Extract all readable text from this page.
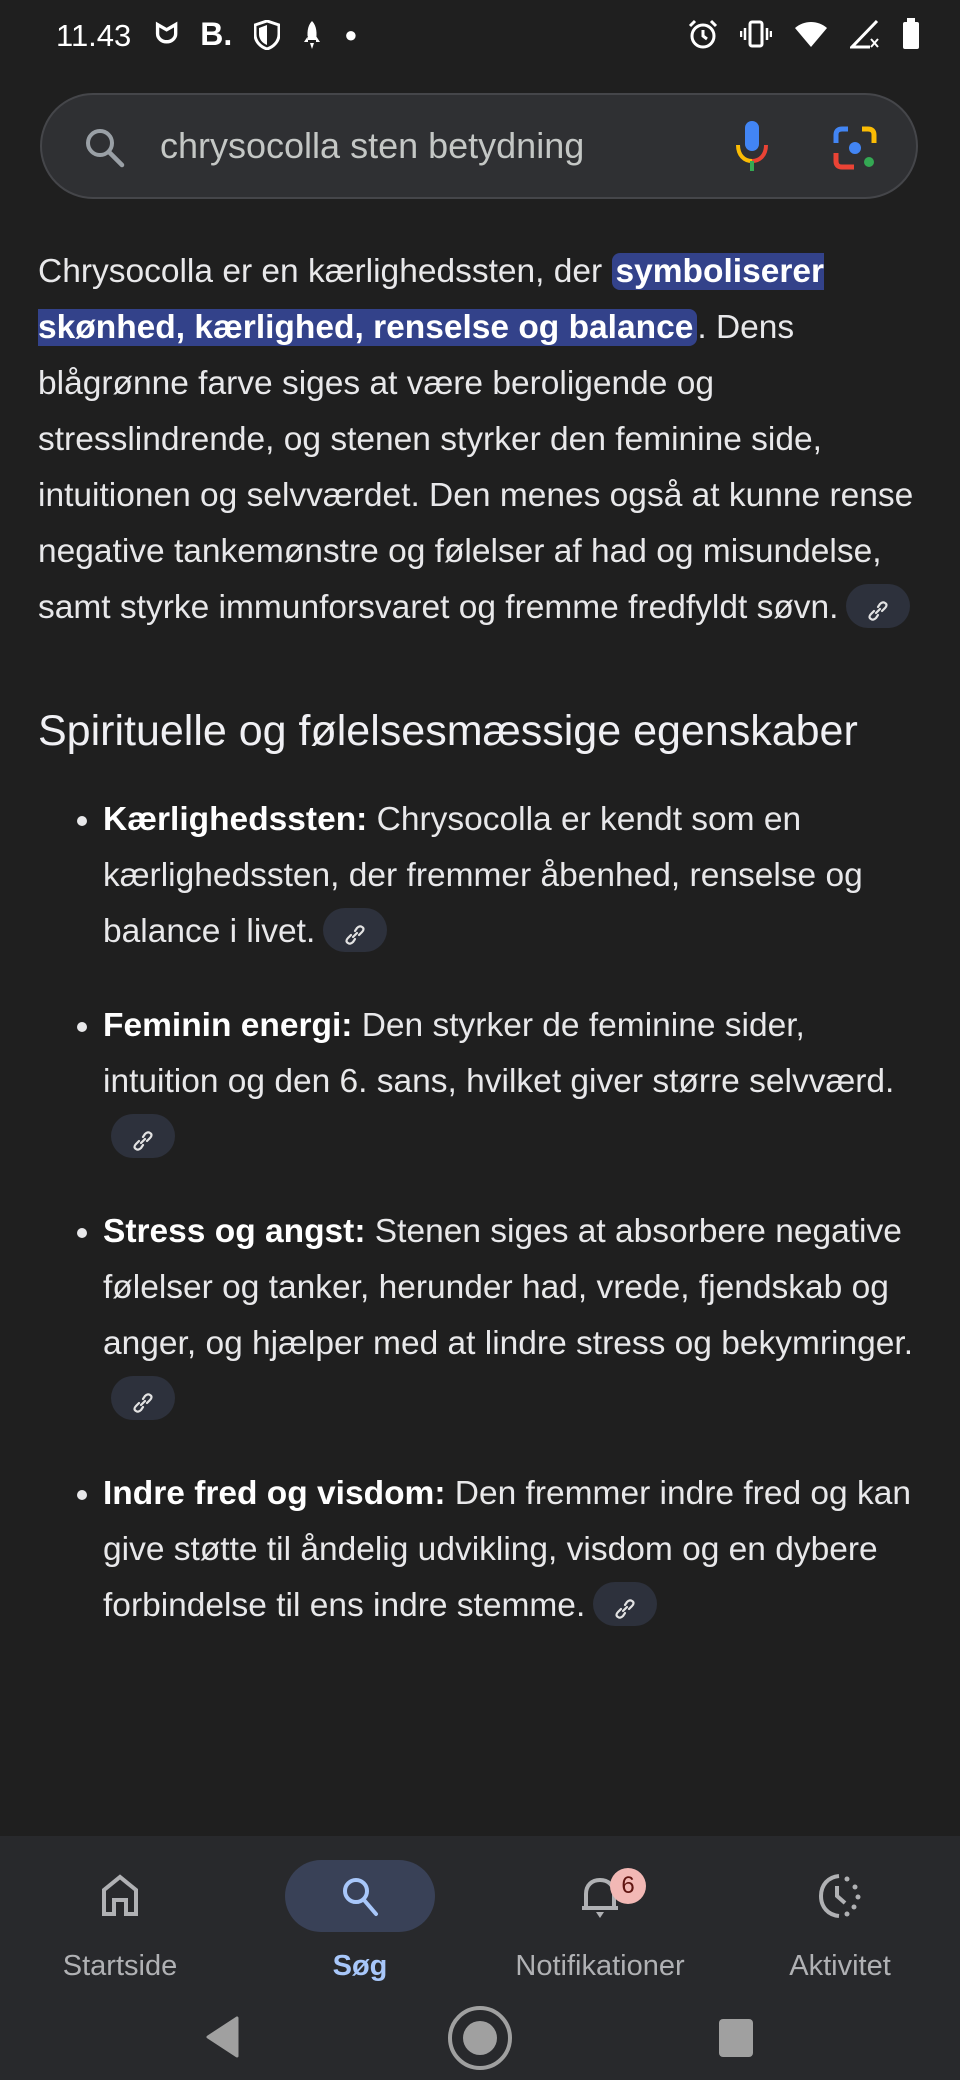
11.43 ᗢ B.	●
chrysocolla sten betydning

Chrysocolla er en kærlighedssten, der symboliserer skønhed, kærlighed, renselse og balance . Dens blågrønne farve siges at være beroligende og stresslindrende, og stenen styrker den feminine side, intuitionen og selvværdet. Den menes også at kunne rense negative tankemønstre og følelser af had og misundelse, samt styrke immunforsvaret og fremme fredfyldt søvn.

Spirituelle og følelsesmæssige egenskaber
• Kærlighedssten: Chrysocolla er kendt som en kærlighedssten, der fremmer åbenhed, renselse og balance i livet.
• Feminin energi: Den styrker de feminine sider, intuition og den 6. sans, hvilket giver større selvværd.
• Stress og angst: Stenen siges at absorbere negative følelser og tanker, herunder had, vrede, fjendskab og anger, og hjælper med at lindre stress og bekymringer.
• Indre fred og visdom: Den fremmer indre fred og kan give støtte til åndelig udvikling, visdom og en dybere forbindelse til ens indre stemme.
Startside	Søg
6
Notifikationer	Aktivitet
